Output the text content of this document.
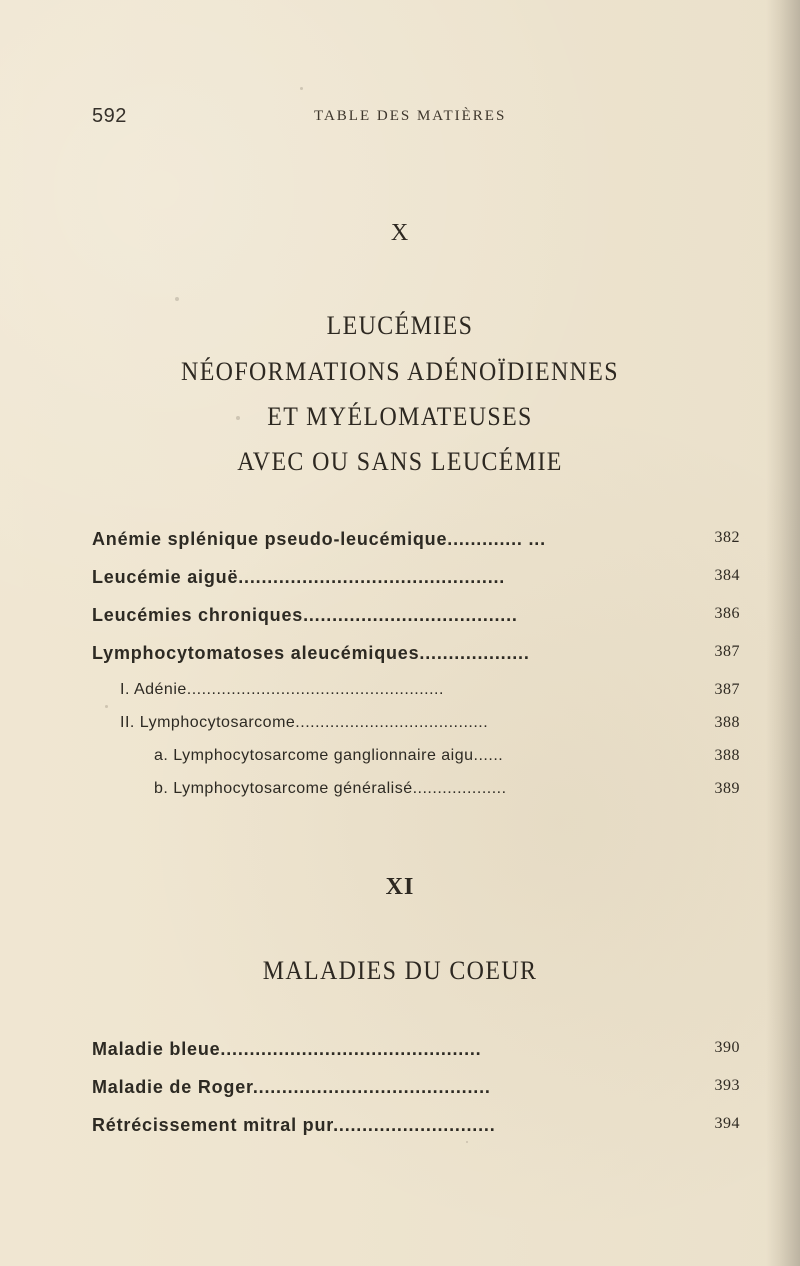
592	TABLE DES MATIÈRES
X
LEUCÉMIES
NÉOFORMATIONS ADÉNOÏDIENNES
ET MYÉLOMATEUSES
AVEC OU SANS LEUCÉMIE
Anémie splénique pseudo-leucémique............. ...	382
Leucémie aiguë..............................................	384
Leucémies chroniques.....................................	386
Lymphocytomatoses aleucémiques...................	387
I. Adénie....................................................	387
II. Lymphocytosarcome.......................................	388
a. Lymphocytosarcome ganglionnaire aigu......	388
b. Lymphocytosarcome généralisé...................	389
XI
MALADIES DU COEUR
Maladie bleue.............................................	390
Maladie de Roger.........................................	393
Rétrécissement mitral pur............................	394
